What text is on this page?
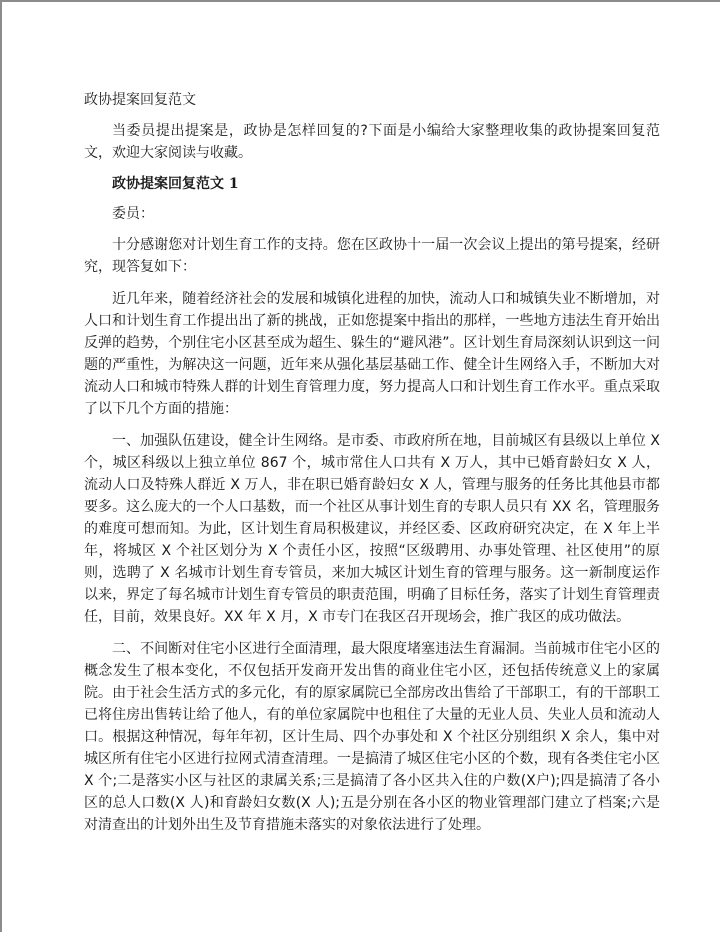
政协提案回复范文

当委员提出提案是，政协是怎样回复的?下面是小编给大家整理收集的政协提案回复范文，欢迎大家阅读与收藏。

政协提案回复范文 1

委员：

十分感谢您对计划生育工作的支持。您在区政协十一届一次会议上提出的第号提案，经研究，现答复如下：

近几年来，随着经济社会的发展和城镇化进程的加快，流动人口和城镇失业不断增加，对人口和计划生育工作提出出了新的挑战，正如您提案中指出的那样，一些地方违法生育开始出反弹的趋势，个别住宅小区甚至成为超生、躲生的“避风港”。区计划生育局深刻认识到这一问题的严重性，为解决这一问题，近年来从强化基层基础工作、健全计生网络入手，不断加大对流动人口和城市特殊人群的计划生育管理力度，努力提高人口和计划生育工作水平。重点采取了以下几个方面的措施：

一、加强队伍建设，健全计生网络。是市委、市政府所在地，目前城区有县级以上单位 X 个，城区科级以上独立单位 867 个，城市常住人口共有 X 万人，其中已婚育龄妇女 X 人，流动人口及特殊人群近 X 万人，非在职已婚育龄妇女 X 人，管理与服务的任务比其他县市都要多。这么庞大的一个人口基数，而一个社区从事计划生育的专职人员只有 XX 名，管理服务的难度可想而知。为此，区计划生育局积极建议，并经区委、区政府研究决定，在 X 年上半年，将城区 X 个社区划分为 X 个责任小区，按照“区级聘用、办事处管理、社区使用”的原则，选聘了 X 名城市计划生育专管员，来加大城区计划生育的管理与服务。这一新制度运作以来，界定了每名城市计划生育专管员的职责范围，明确了目标任务，落实了计划生育管理责任，目前，效果良好。XX 年 X 月，X 市专门在我区召开现场会，推广我区的成功做法。

二、不间断对住宅小区进行全面清理，最大限度堵塞违法生育漏洞。当前城市住宅小区的概念发生了根本变化，不仅包括开发商开发出售的商业住宅小区，还包括传统意义上的家属院。由于社会生活方式的多元化，有的原家属院已全部房改出售给了干部职工，有的干部职工已将住房出售转让给了他人，有的单位家属院中也租住了大量的无业人员、失业人员和流动人口。根据这种情况，每年年初，区计生局、四个办事处和 X 个社区分别组织 X 余人，集中对城区所有住宅小区进行拉网式清查清理。一是搞清了城区住宅小区的个数，现有各类住宅小区 X 个;二是落实小区与社区的隶属关系;三是搞清了各小区共入住的户数(X户);四是搞清了各小区的总人口数(X 人)和育龄妇女数(X 人);五是分别在各小区的物业管理部门建立了档案;六是对清查出的计划外出生及节育措施未落实的对象依法进行了处理。
